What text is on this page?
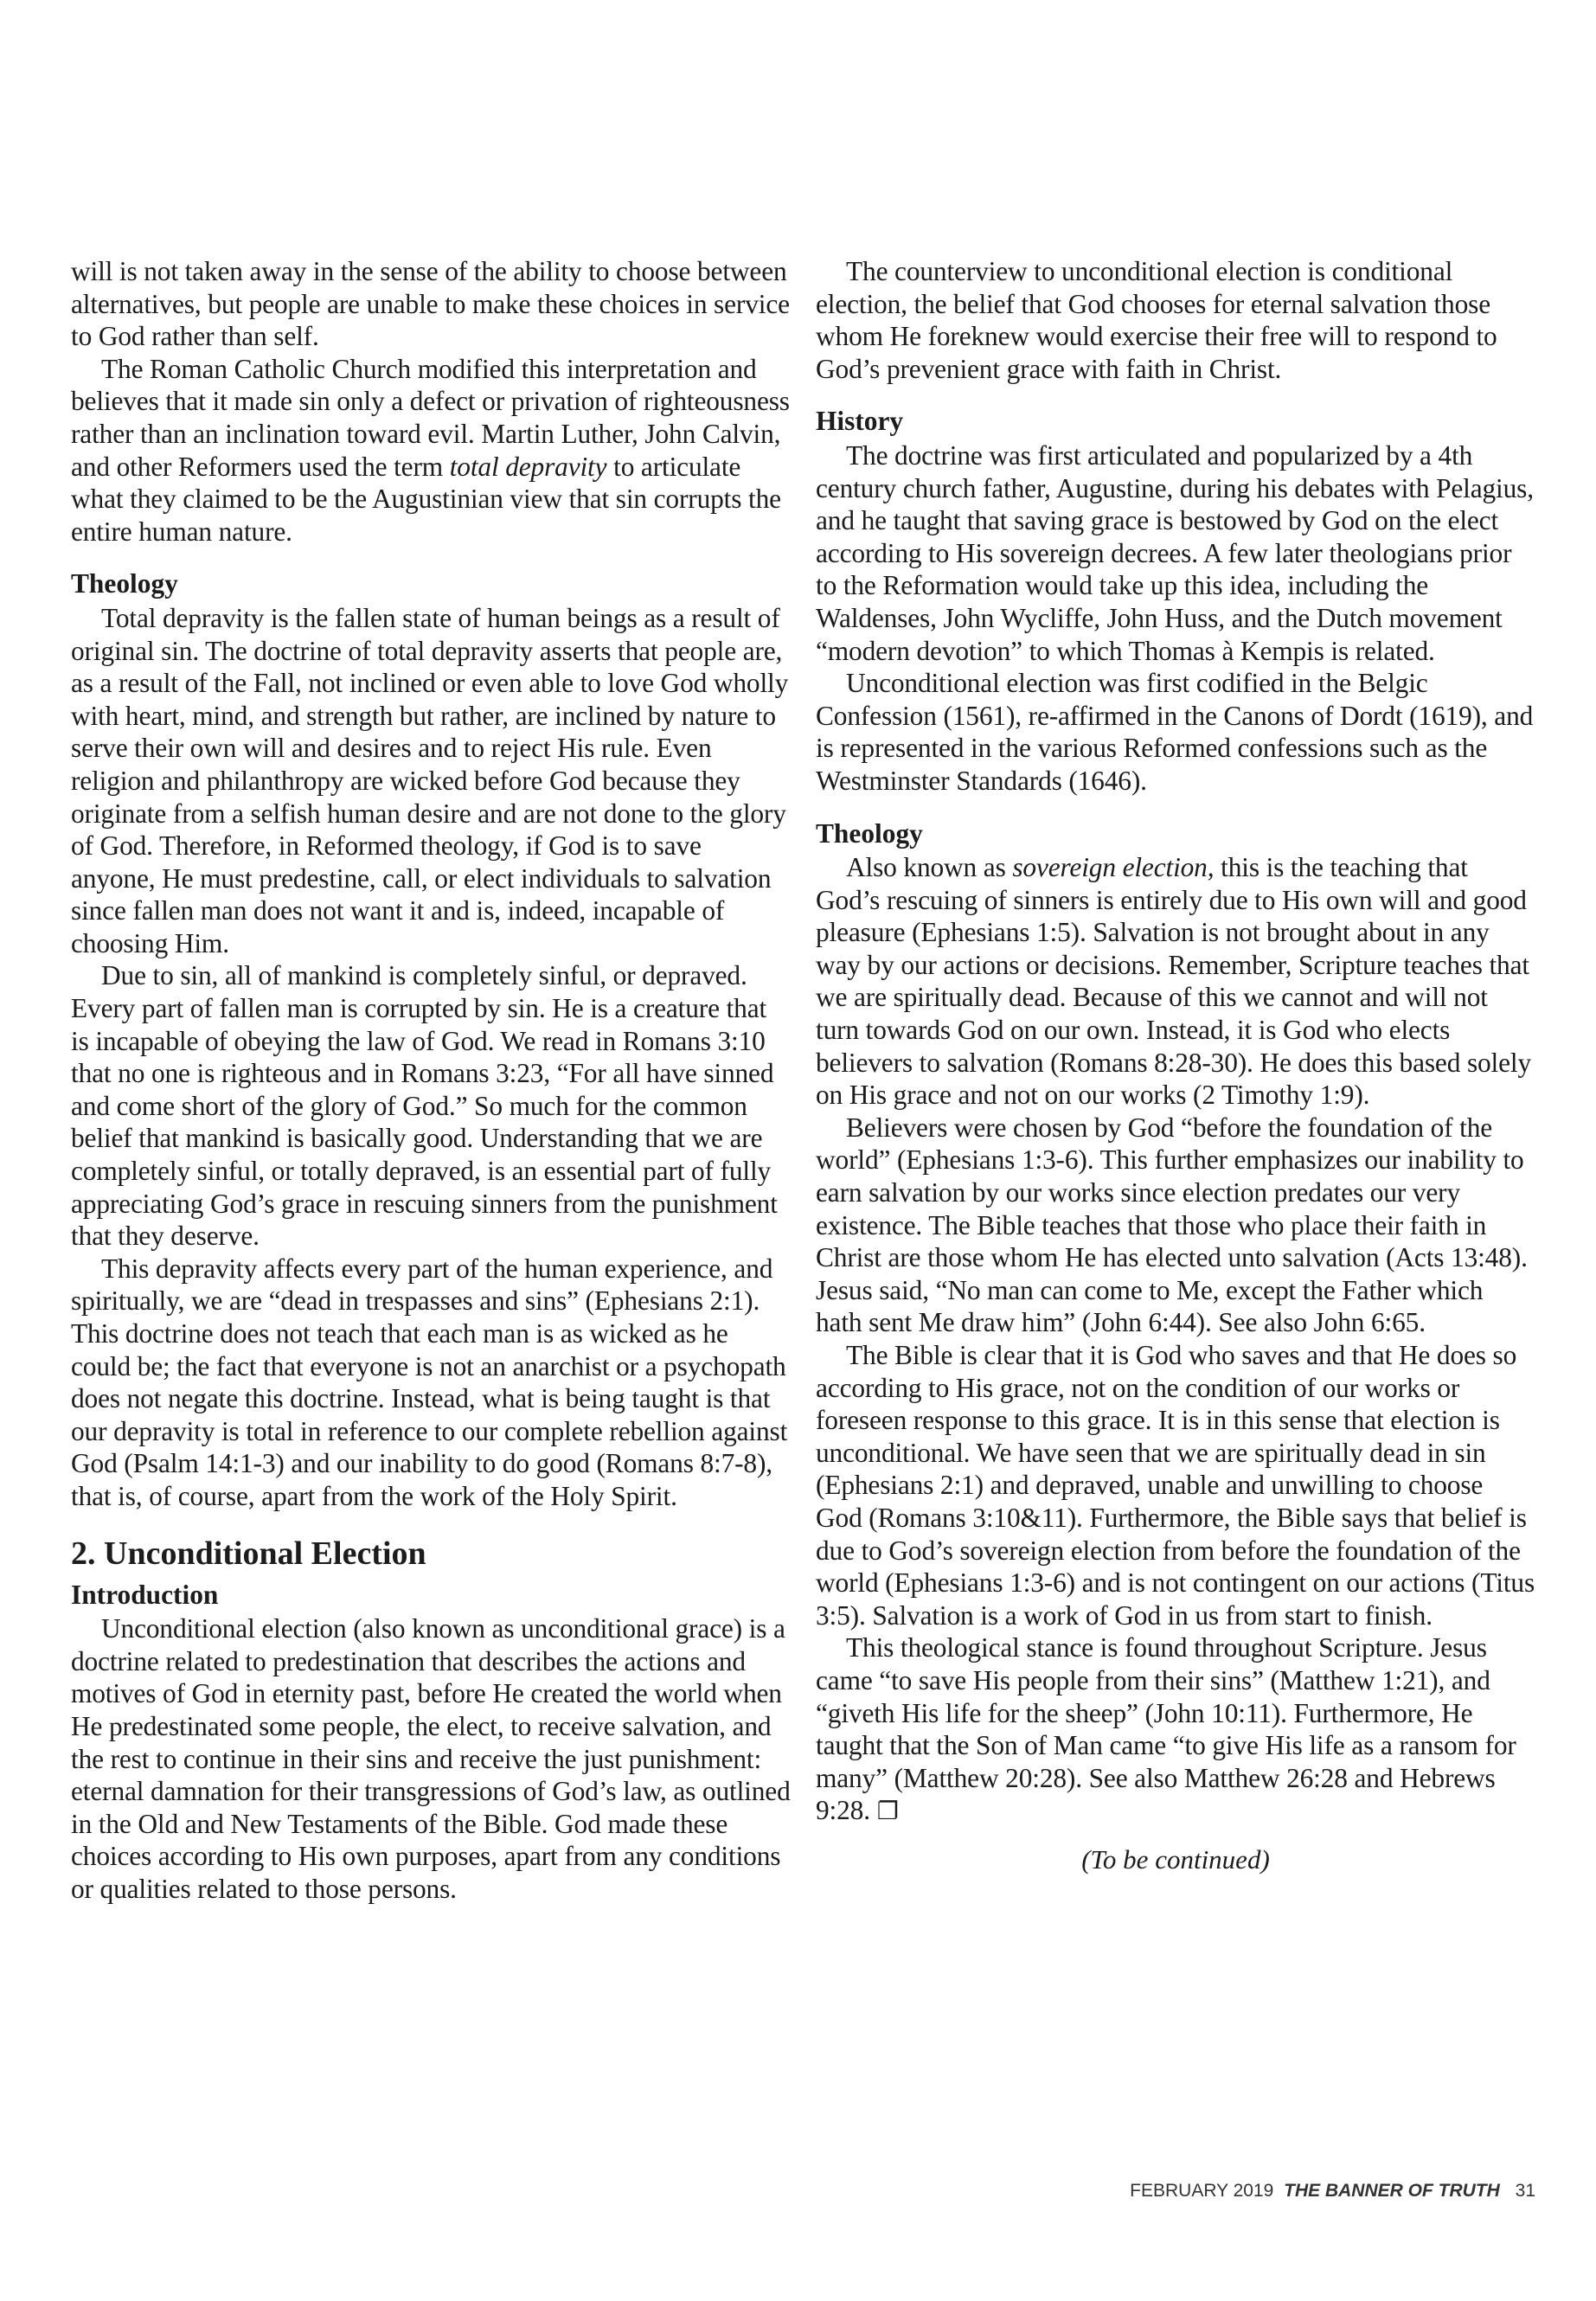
will is not taken away in the sense of the ability to choose between alternatives, but people are unable to make these choices in service to God rather than self.

The Roman Catholic Church modified this interpretation and believes that it made sin only a defect or privation of righteousness rather than an inclination toward evil. Martin Luther, John Calvin, and other Reformers used the term total depravity to articulate what they claimed to be the Augustinian view that sin corrupts the entire human nature.

Theology

Total depravity is the fallen state of human beings as a result of original sin. The doctrine of total depravity asserts that people are, as a result of the Fall, not inclined or even able to love God wholly with heart, mind, and strength but rather, are inclined by nature to serve their own will and desires and to reject His rule. Even religion and philanthropy are wicked before God because they originate from a selfish human desire and are not done to the glory of God. Therefore, in Reformed theology, if God is to save anyone, He must predestine, call, or elect individuals to salvation since fallen man does not want it and is, indeed, incapable of choosing Him.

Due to sin, all of mankind is completely sinful, or depraved. Every part of fallen man is corrupted by sin. He is a creature that is incapable of obeying the law of God. We read in Romans 3:10 that no one is righteous and in Romans 3:23, “For all have sinned and come short of the glory of God.” So much for the common belief that mankind is basically good. Understanding that we are completely sinful, or totally depraved, is an essential part of fully appreciating God’s grace in rescuing sinners from the punishment that they deserve.

This depravity affects every part of the human experience, and spiritually, we are “dead in trespasses and sins” (Ephesians 2:1). This doctrine does not teach that each man is as wicked as he could be; the fact that everyone is not an anarchist or a psychopath does not negate this doctrine. Instead, what is being taught is that our depravity is total in reference to our complete rebellion against God (Psalm 14:1-3) and our inability to do good (Romans 8:7-8), that is, of course, apart from the work of the Holy Spirit.

2. Unconditional Election
Introduction

Unconditional election (also known as unconditional grace) is a doctrine related to predestination that describes the actions and motives of God in eternity past, before He created the world when He predestinated some people, the elect, to receive salvation, and the rest to continue in their sins and receive the just punishment: eternal damnation for their transgressions of God’s law, as outlined in the Old and New Testaments of the Bible. God made these choices according to His own purposes, apart from any conditions or qualities related to those persons.

The counterview to unconditional election is conditional election, the belief that God chooses for eternal salvation those whom He foreknew would exercise their free will to respond to God’s prevenient grace with faith in Christ.

History

The doctrine was first articulated and popularized by a 4th century church father, Augustine, during his debates with Pelagius, and he taught that saving grace is bestowed by God on the elect according to His sovereign decrees. A few later theologians prior to the Reformation would take up this idea, including the Waldenses, John Wycliffe, John Huss, and the Dutch movement “modern devotion” to which Thomas à Kempis is related.

Unconditional election was first codified in the Belgic Confession (1561), re-affirmed in the Canons of Dordt (1619), and is represented in the various Reformed confessions such as the Westminster Standards (1646).

Theology

Also known as sovereign election, this is the teaching that God’s rescuing of sinners is entirely due to His own will and good pleasure (Ephesians 1:5). Salvation is not brought about in any way by our actions or decisions. Remember, Scripture teaches that we are spiritually dead. Because of this we cannot and will not turn towards God on our own. Instead, it is God who elects believers to salvation (Romans 8:28-30). He does this based solely on His grace and not on our works (2 Timothy 1:9).

Believers were chosen by God “before the foundation of the world” (Ephesians 1:3-6). This further emphasizes our inability to earn salvation by our works since election predates our very existence. The Bible teaches that those who place their faith in Christ are those whom He has elected unto salvation (Acts 13:48). Jesus said, “No man can come to Me, except the Father which hath sent Me draw him” (John 6:44). See also John 6:65.

The Bible is clear that it is God who saves and that He does so according to His grace, not on the condition of our works or foreseen response to this grace. It is in this sense that election is unconditional. We have seen that we are spiritually dead in sin (Ephesians 2:1) and depraved, unable and unwilling to choose God (Romans 3:10&11). Furthermore, the Bible says that belief is due to God’s sovereign election from before the foundation of the world (Ephesians 1:3-6) and is not contingent on our actions (Titus 3:5). Salvation is a work of God in us from start to finish.

This theological stance is found throughout Scripture. Jesus came “to save His people from their sins” (Matthew 1:21), and “giveth His life for the sheep” (John 10:11). Furthermore, He taught that the Son of Man came “to give His life as a ransom for many” (Matthew 20:28). See also Matthew 26:28 and Hebrews 9:28. ❐

(To be continued)

FEBRUARY 2019 THE BANNER OF TRUTH 31
